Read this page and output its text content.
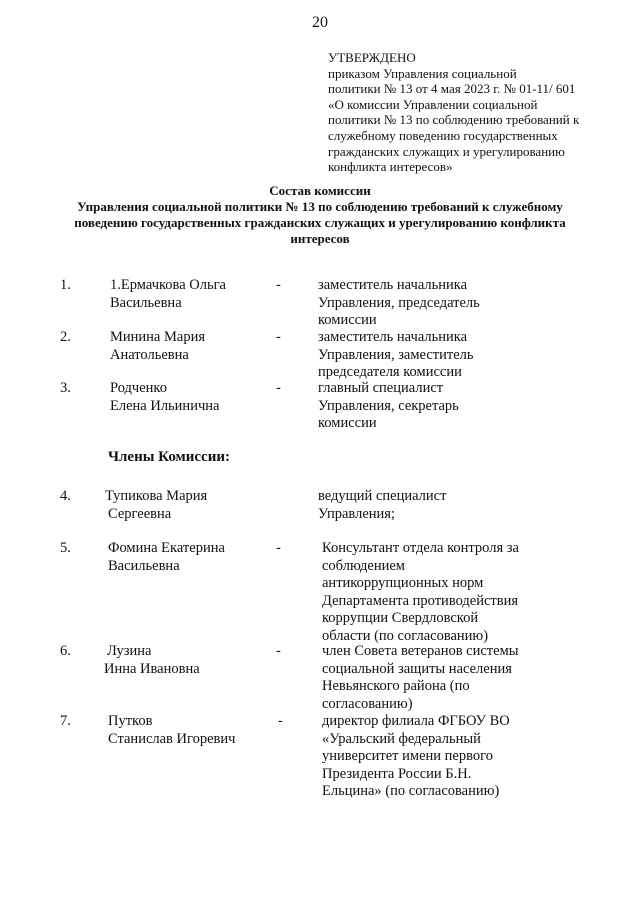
20
УТВЕРЖДЕНО
приказом Управления социальной
политики № 13 от 4 мая 2023 г. № 01-11/ 601
«О комиссии Управлении социальной
политики № 13 по соблюдению требований к
служебному поведению государственных
гражданских служащих и урегулированию
конфликта интересов»
Состав комиссии
Управления социальной политики № 13 по соблюдению требований к служебному поведению государственных гражданских служащих и урегулированию конфликта интересов
1.	1.Ермачкова Ольга
Васильевна
-	заместитель начальника
Управления, председатель
комиссии
2.	Минина Мария
Анатольевна
-	заместитель начальника
Управления, заместитель
председателя комиссии
3.	Родченко
Елена Ильинична
-	главный специалист
Управления, секретарь
комиссии
Члены Комиссии:
4.	Тупикова Мария
Сергеевна
ведущий специалист
Управления;
5.	Фомина Екатерина
Васильевна
-	Консультант отдела контроля за
соблюдением
антикоррупционных норм
Департамента противодействия
коррупции Свердловской
области (по согласованию)
6.	Лузина
Инна Ивановна
-	член Совета ветеранов системы
социальной защиты населения
Невьянского района (по
согласованию)
7.	Путков
Станислав Игоревич
-	директор филиала ФГБОУ ВО
«Уральский федеральный
университет имени первого
Президента России Б.Н.
Ельцина» (по согласованию)
